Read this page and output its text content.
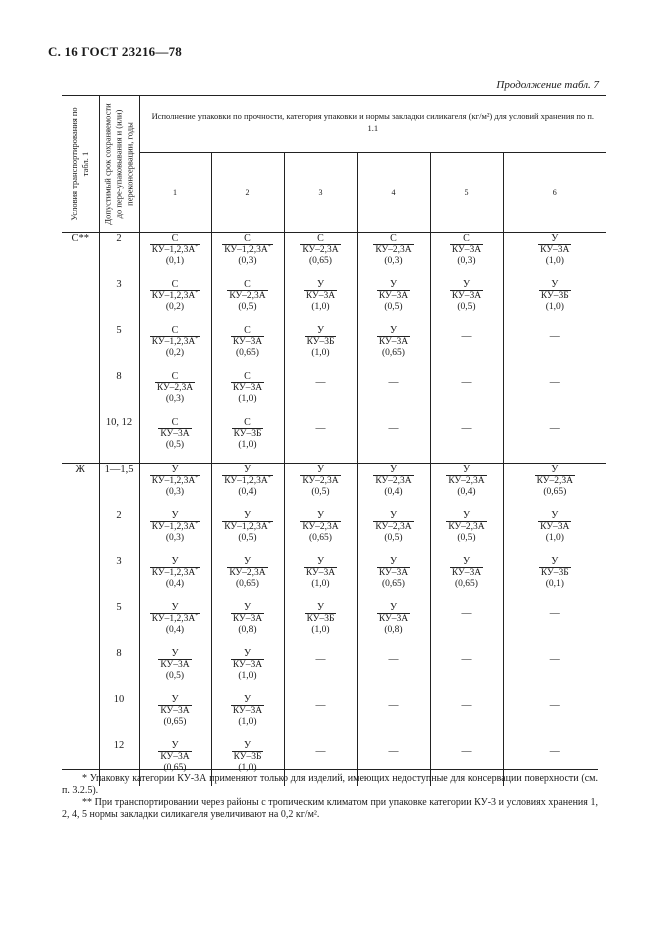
С. 16 ГОСТ 23216—78
Продолжение табл. 7
Условия транспортирования по табл. 1	Допустимый срок сохраняемости до пере-упаковывания и (или) переконсервации, годы	Исполнение упаковки по прочности, категория упаковки и нормы закладки силикагеля (кг/м²) для условий хранения по п. 1.1					
		1	2	3	4	5	6
С**	2	С
КУ–1,2,3А*
(0,1)	С
КУ–1,2,3А*
(0,3)	С
КУ–2,3А
(0,65)	С
КУ–2,3А
(0,3)	С
КУ–3А
(0,3)	У
КУ–3А
(1,0)

	3	С
КУ–1,2,3А*
(0,2)	С
КУ–2,3А
(0,5)	У
КУ–3А
(1,0)	У
КУ–3А
(0,5)	У
КУ–3А
(0,5)	У
КУ–3Б
(1,0)

	5	С
КУ–1,2,3А*
(0,2)	С
КУ–3А
(0,65)	У
КУ–3Б
(1,0)	У
КУ–3А
(0,65)	—	—
	8	С
КУ–2,3А
(0,3)	С
КУ–3А
(1,0)	—	—	—	—
	10, 12	С
КУ–3А
(0,5)	С
КУ–3Б
(1,0)	—	—	—	—
Ж	1—1,5	У
КУ–1,2,3А*
(0,3)	У
КУ–1,2,3А*
(0,4)	У
КУ–2,3А
(0,5)	У
КУ–2,3А
(0,4)	У
КУ–2,3А
(0,4)	У
КУ–2,3А
(0,65)

	2	У
КУ–1,2,3А*
(0,3)	У
КУ–1,2,3А*
(0,5)	У
КУ–2,3А
(0,65)	У
КУ–2,3А
(0,5)	У
КУ–2,3А
(0,5)	У
КУ–3А
(1,0)

	3	У
КУ–1,2,3А*
(0,4)	У
КУ–2,3А
(0,65)	У
КУ–3А
(1,0)	У
КУ–3А
(0,65)	У
КУ–3А
(0,65)	У
КУ–3Б
(0,1)

	5	У
КУ–1,2,3А*
(0,4)	У
КУ–3А
(0,8)	У
КУ–3Б
(1,0)	У
КУ–3А
(0,8)	—	—
	8	У
КУ–3А
(0,5)	У
КУ–3А
(1,0)	—	—	—	—
	10	У
КУ–3А
(0,65)	У
КУ–3А
(1,0)	—	—	—	—
	12	У
КУ–3А
(0,65)	У
КУ–3Б
(1,0)	—	—	—	—

* Упаковку категории КУ-3А применяют только для изделий, имеющих недоступные для консервации поверхности (см. п. 3.2.5).

** При транспортировании через районы с тропическим климатом при упаковке категории КУ-3 и условиях хранения 1, 2, 4, 5 нормы закладки силикагеля увеличивают на 0,2 кг/м².
